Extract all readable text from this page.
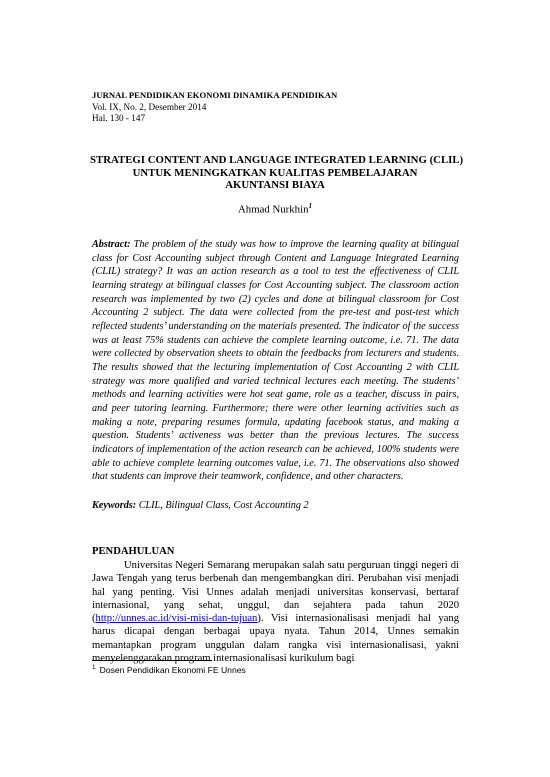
JURNAL PENDIDIKAN EKONOMI DINAMIKA PENDIDIKAN
Vol. IX, No. 2, Desember 2014
Hal. 130 - 147
STRATEGI CONTENT AND LANGUAGE INTEGRATED LEARNING (CLIL)
UNTUK MENINGKATKAN KUALITAS PEMBELAJARAN
AKUNTANSI BIAYA
Ahmad Nurkhin$^1$
Abstract: The problem of the study was how to improve the learning quality at bilingual class for Cost Accounting subject through Content and Language Integrated Learning (CLIL) strategy? It was an action research as a tool to test the effectiveness of CLIL learning strategy at bilingual classes for Cost Accounting subject. The classroom action research was implemented by two (2) cycles and done at bilingual classroom for Cost Accounting 2 subject. The data were collected from the pre-test and post-test which reflected students’ understanding on the materials presented. The indicator of the success was at least 75% students can achieve the complete learning outcome, i.e. 71. The data were collected by observation sheets to obtain the feedbacks from lecturers and students. The results showed that the lecturing implementation of Cost Accounting 2 with CLIL strategy was more qualified and varied technical lectures each meeting. The students’ methods and learning activities were hot seat game, role as a teacher, discuss in pairs, and peer tutoring learning. Furthermore; there were other learning activities such as making a note, preparing resumes formula, updating facebook status, and making a question. Students’ activeness was better than the previous lectures. The success indicators of implementation of the action research can be achieved, 100% students were able to achieve complete learning outcomes value, i.e. 71. The observations also showed that students can improve their teamwork, confidence, and other characters.
Keywords: CLIL, Bilingual Class, Cost Accounting 2
PENDAHULUAN
Universitas Negeri Semarang merupakan salah satu perguruan tinggi negeri di Jawa Tengah yang terus berbenah dan mengembangkan diri. Perubahan visi menjadi hal yang penting. Visi Unnes adalah menjadi universitas konservasi, bertaraf internasional, yang sehat, unggul, dan sejahtera pada tahun 2020 (http://unnes.ac.id/visi-misi-dan-tujuan). Visi internasionalisasi menjadi hal yang harus dicapai dengan berbagai upaya nyata. Tahun 2014, Unnes semakin memantapkan program unggulan dalam rangka visi internasionalisasi, yakni menyelenggarakan program internasionalisasi kurikulum bagi
$^1$ Dosen Pendidikan Ekonomi FE Unnes
